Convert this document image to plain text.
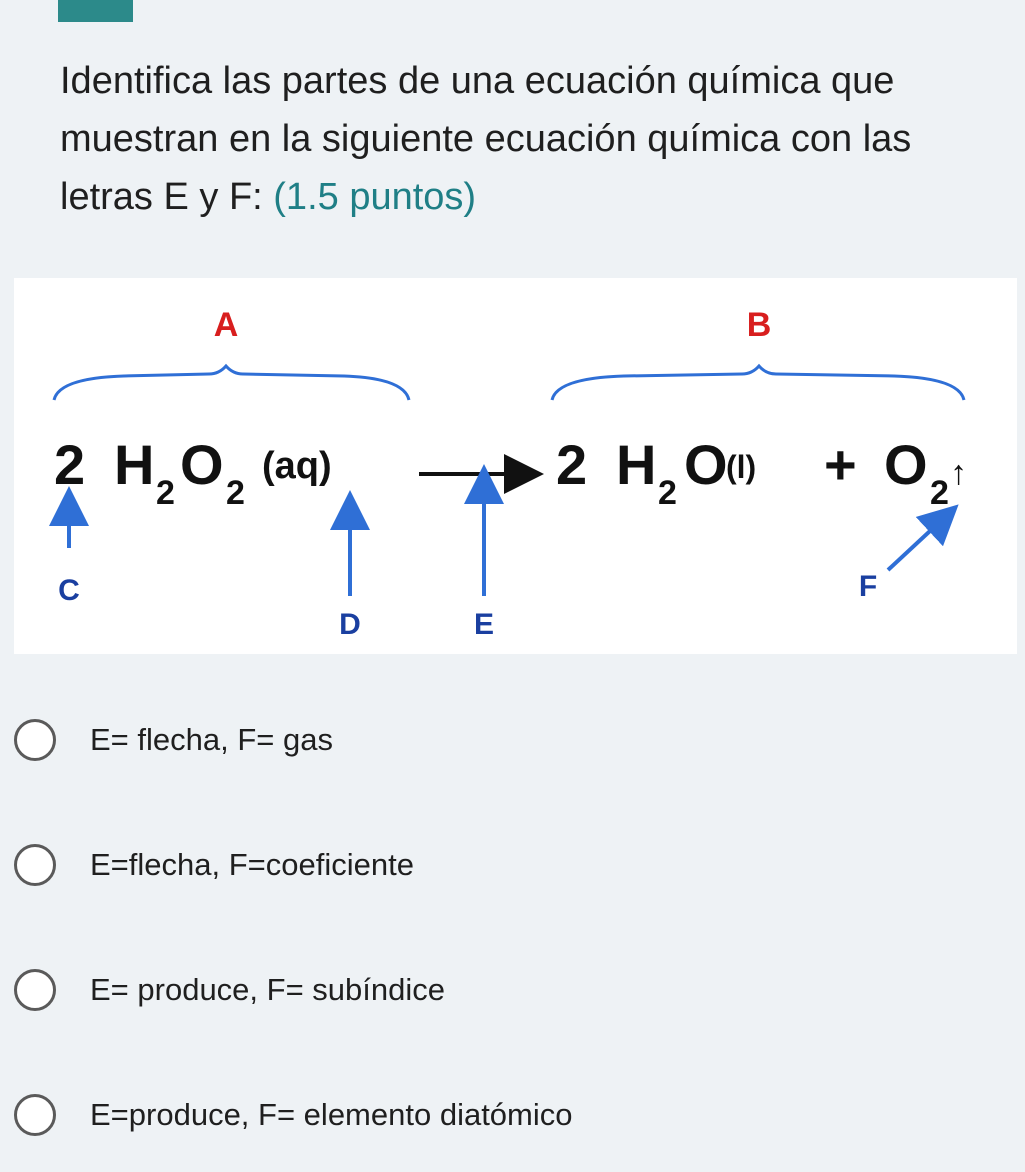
Identifica las partes de una ecuación química que muestran en la siguiente ecuación química con las letras E y F: (1.5 puntos)
A	B
2 H 2 O 2
(aq)	2 H 2 O
(l) + O 2
↑
C
D	E
F
E= flecha, F= gas
E=flecha, F=coeficiente
E= produce, F= subíndice
E=produce, F= elemento diatómico
